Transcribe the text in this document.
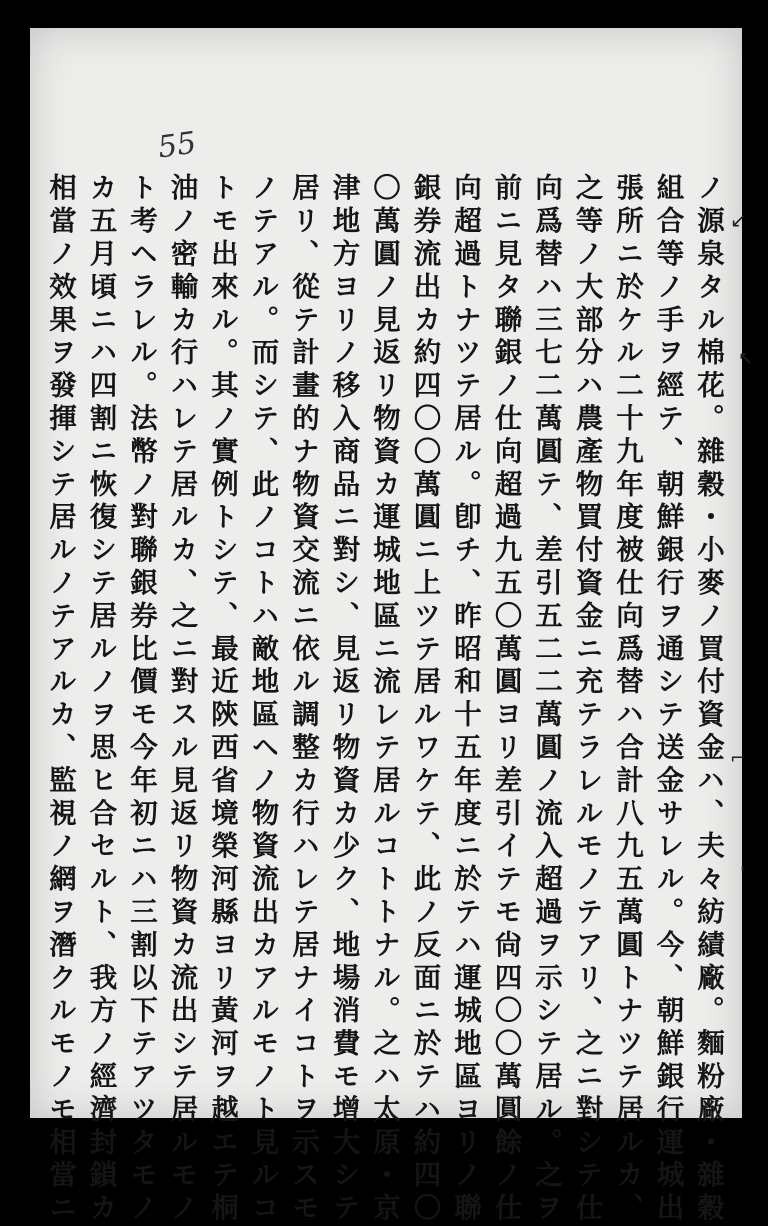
55
ノ源泉タル棉花。雜穀・小麥ノ買付資金ハ、夫々紡績廠。麵粉廠・雜穀
組合等ノ手ヲ經テ、朝鮮銀行ヲ通シテ送金サレル。今、朝鮮銀行運城出
張所ニ於ケル二十九年度被仕向爲替ハ合計八九五萬圓トナツテ居ルカ、
之等ノ大部分ハ農產物買付資金ニ充テラレルモノテアリ、之ニ對シテ仕
向爲替ハ三七二萬圓テ、差引五二二萬圓ノ流入超過ヲ示シテ居ル。之ヲ
前ニ見タ聯銀ノ仕向超過九五〇萬圓ヨリ差引イテモ尙四〇〇萬圓餘ノ仕
向超過トナツテ居ル。卽チ、昨昭和十五年度ニ於テハ運城地區ヨリノ聯
銀券流出カ約四〇〇萬圓ニ上ツテ居ルワケテ、此ノ反面ニ於テハ約四〇
〇萬圓ノ見返リ物資カ運城地區ニ流レテ居ルコトトナル。之ハ太原・京
津地方ヨリノ移入商品ニ對シ、見返リ物資カ少ク、地場消費モ增大シテ
居リ、從テ計畫的ナ物資交流ニ依ル調整カ行ハレテ居ナイコトヲ示スモ
ノテアル。而シテ、此ノコトハ敵地區ヘノ物資流出カアルモノト見ルコ
トモ出來ル。其ノ實例トシテ、最近陝西省境榮河縣ヨリ黃河ヲ越エテ桐
油ノ密輸カ行ハレテ居ルカ、之ニ對スル見返リ物資カ流出シテ居ルモノ
ト考ヘラレル。法幣ノ對聯銀券比價モ今年初ニハ三割以下テアツタモノ
カ五月頃ニハ四割ニ恢復シテ居ルノヲ思ヒ合セルト、我方ノ經濟封鎖カ
相當ノ效果ヲ發揮シテ居ルノテアルカ、監視ノ網ヲ潛クルモノモ相當ニ	↙
↖
⌐
'
